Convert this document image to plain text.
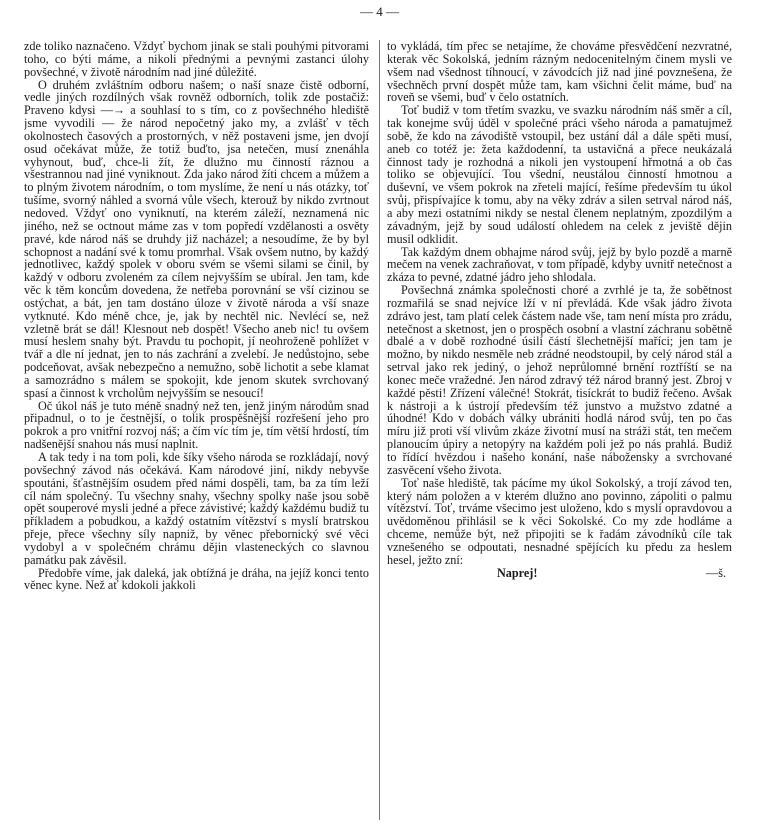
— 4 —

zde toliko naznačeno. Vždyť bychom jinak se stali pouhými pitvorami toho, co býti máme, a nikoli přednými a pevnými zastanci úlohy povšechné, v životě národním nad jiné důležité.

O druhém zvláštním odboru našem; o naší snaze čistě odborní, vedle jiných rozdílných však rovněž odborních, tolik zde postačiž: Praveno kdysi —→ a souhlasí to s tím, co z povšechného hlediště jsme vyvodili — že národ nepočetný jako my, a zvlášť v těch okolnostech časových a prostorných, v něž postaveni jsme, jen dvojí osud očekávat může, že totiž buďto, jsa netečen, musí znenáhla vyhynout, buď, chce-li žít, že dlužno mu činností ráznou a všestrannou nad jiné vyniknout. Zda jako národ žíti chcem a můžem a to plným životem národním, o tom myslíme, že není u nás otázky, toť tušíme, svorný náhled a svorná vůle všech, kterouž by nikdo zvrtnout nedoved. Vždyť ono vyniknutí, na kterém záleží, neznamená nic jiného, než se octnout máme zas v tom popředí vzdělanosti a osvěty pravé, kde národ náš se druhdy již nacházel; a nesoudíme, že by byl schopnost a nadání své k tomu promrhal. Však ovšem nutno, by každý jednotlivec, každý spolek v oboru svém se všemi silami se činil, by každý v odboru zvoleném za cílem nejvyšším se ubíral. Jen tam, kde věc k těm koncům dovedena, že netřeba porovnání se vší cizinou se ostýchat, a bát, jen tam dostáno úloze v životě národa a vší snaze vytknuté. Kdo méně chce, je, jak by nechtěl nic. Nevlécí se, než vzletně brát se dál! Klesnout neb dospět! Všecho aneb nic! tu ovšem musí heslem snahy být. Pravdu tu pochopit, jí neohroženě pohlížet v tvář a dle ní jednat, jen to nás zachrání a zvelebí. Je nedůstojno, sebe podceňovat, avšak nebezpečno a nemužno, sobě lichotit a sebe klamat a samozrádno s málem se spokojit, kde jenom skutek svrchovaný spasí a činnost k vrcholům nejvyšším se nesoucí!

Oč úkol náš je tuto méně snadný než ten, jenž jiným národům snad připadnul, o to je čestnější, o tolik prospěšnější rozřešení jeho pro pokrok a pro vnitřní rozvoj náš; a čím víc tím je, tím větší hrdostí, tím nadšenější snahou nás musí naplnit.

A tak tedy i na tom poli, kde šíky všeho národa se rozkládají, nový povšechný závod nás očekává. Kam národové jiní, nikdy nebyvše spoutáni, šťastnějším osudem před námi dospěli, tam, ba za tím leží cíl nám společný. Tu všechny snahy, všechny spolky naše jsou sobě opět souperové mysli jedné a přece závistivé; každý každému budiž tu příkladem a pobudkou, a každý ostatním vítězství s myslí bratrskou přeje, přece všechny síly napniž, by věnec přebornický své věci vydobyl a v společném chrámu dějin vlasteneckých co slavnou památku pak závěsil.

Předobře víme, jak daleká, jak obtížná je dráha, na jejíž konci tento věnec kyne. Než ať kdokoli jakkoli

to vykládá, tím přec se netajíme, že chováme přesvědčení nezvratné, kterak věc Sokolská, jedním rázným nedocenitelným činem mysli ve všem nad všednost tíhnoucí, v závodcích již nad jiné povznešena, že všechněch první dospět může tam, kam všichni čelit máme, buď na roveň se všemi, buď v čelo ostatních.

Toť budiž v tom třetím svazku, ve svazku národním náš směr a cíl, tak konejme svůj úděl v společné práci všeho národa a pamatujmež sobě, že kdo na závodiště vstoupil, bez ustání dál a dále spěti musí, aneb co totéž je: žeta každodenní, ta ustavičná a přece neukázalá činnost tady je rozhodná a nikoli jen vystoupení hřmotná a ob čas toliko se objevující. Tou všední, neustálou činností hmotnou a duševní, ve všem pokrok na zřeteli mající, řešíme především tu úkol svůj, přispívajíce k tomu, aby na věky zdráv a silen setrval národ náš, a aby mezi ostatními nikdy se nestal členem neplatným, zpozdilým a závadným, jejž by soud událostí ohledem na celek z jeviště dějin musil odklidit.

Tak každým dnem obhajme národ svůj, jejž by bylo pozdě a marně mečem na venek zachraňovat, v tom případě, kdyby uvnitř netečnost a zkáza to pevné, zdatné jádro jeho shlodala.

Povšechná známka společnosti choré a zvrhlé je ta, že sobětnost rozmařilá se snad nejvíce lží v ní převládá. Kde však jádro života zdrávo jest, tam platí celek částem nade vše, tam není místa pro zrádu, netečnost a sketnost, jen o prospěch osobní a vlastní záchranu sobětně dbalé a v době rozhodné úsilí částí šlechetnější maříci; jen tam je možno, by nikdo nesměle neb zrádné neodstoupil, by celý národ stál a setrval jako rek jediný, o jehož neprůlomné brnění roztříští se na konec meče vražedné. Jen národ zdravý též národ branný jest. Zbroj v každé pěsti! Zřízení válečné! Stokrát, tisíckrát to budiž řečeno. Avšak k nástroji a k ústrojí především též junstvo a mužstvo zdatné a úhodné! Kdo v dobách války ubrániti hodlá národ svůj, ten po čas míru již proti vší vlivům zkáze životní musí na stráži stát, ten mečem planoucím úpiry a netopýry na každém poli jež po nás prahlá. Budiž to řídící hvězdou i našeho konání, naše nábožensky a svrchované zasvěcení všeho života.

Toť naše hlediště, tak pácíme my úkol Sokolský, a trojí závod ten, který nám položen a v kterém dlužno ano povinno, zápoliti o palmu vítězství. Toť, trváme všecimo jest uloženo, kdo s myslí opravdovou a uvědoměnou přihlásil se k věci Sokolské. Co my zde hodláme a chceme, nemůže být, než připojiti se k řadám závodníků cíle tak vznešeného se odpoutati, nesnadné spějících ku předu za heslem hesel, ježto zní:

Naprej!	—š.
